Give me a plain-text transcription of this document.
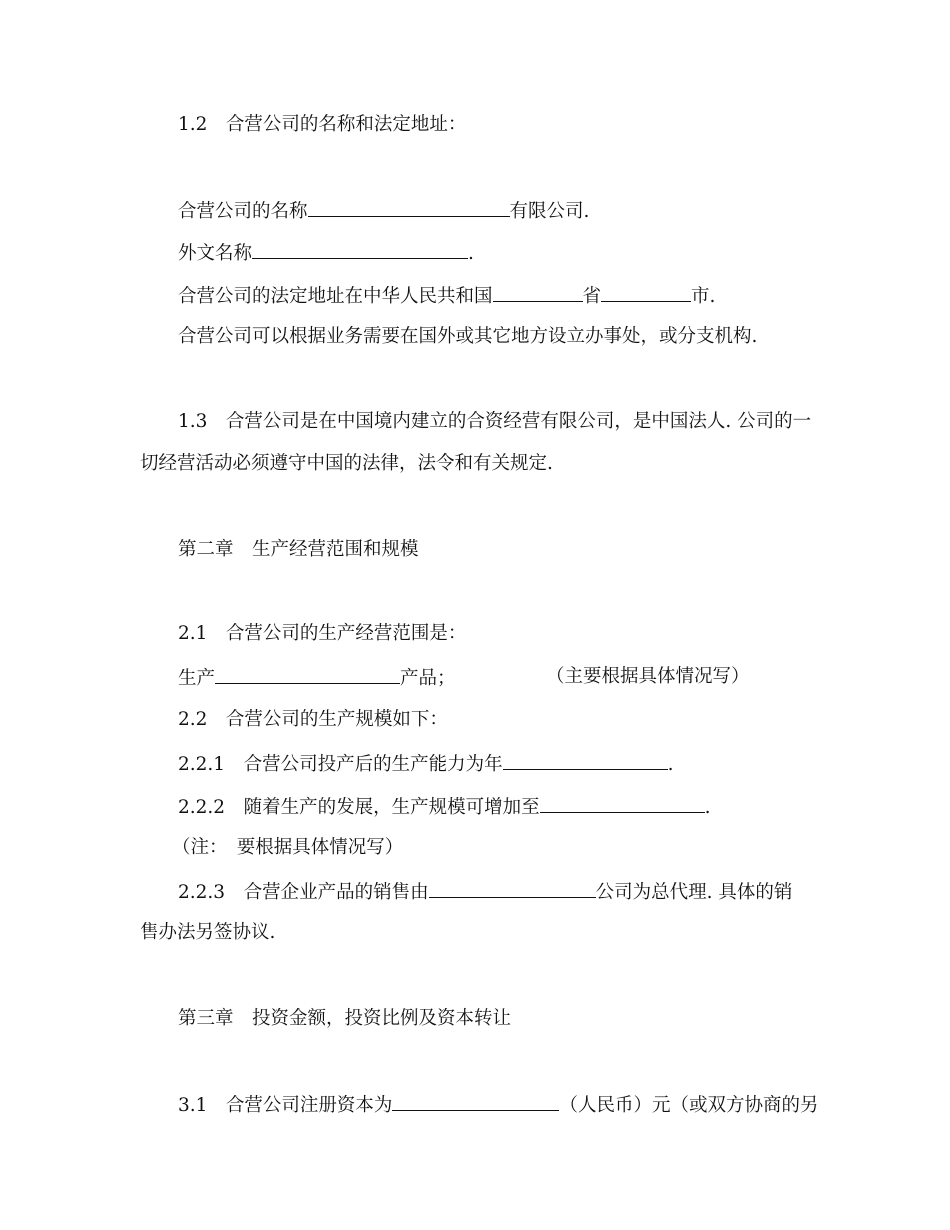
1.2　合营公司的名称和法定地址：
合营公司的名称	有限公司.
外文名称	.
合营公司的法定地址在中华人民共和国	省	市.
合营公司可以根据业务需要在国外或其它地方设立办事处，或分支机构.
1.3　合营公司是在中国境内建立的合资经营有限公司，是中国法人. 公司的一
切经营活动必须遵守中国的法律，法令和有关规定.
第二章　生产经营范围和规模
2.1　合营公司的生产经营范围是：
生产	产品；	（主要根据具体情况写）
2.2　合营公司的生产规模如下：
2.2.1　合营公司投产后的生产能力为年	.
2.2.2　随着生产的发展，生产规模可增加至	.
（注：　要根据具体情况写）
2.2.3　合营企业产品的销售由	公司为总代理. 具体的销
售办法另签协议.
第三章　投资金额，投资比例及资本转让
3.1　合营公司注册资本为	（人民币）元（或双方协商的另
